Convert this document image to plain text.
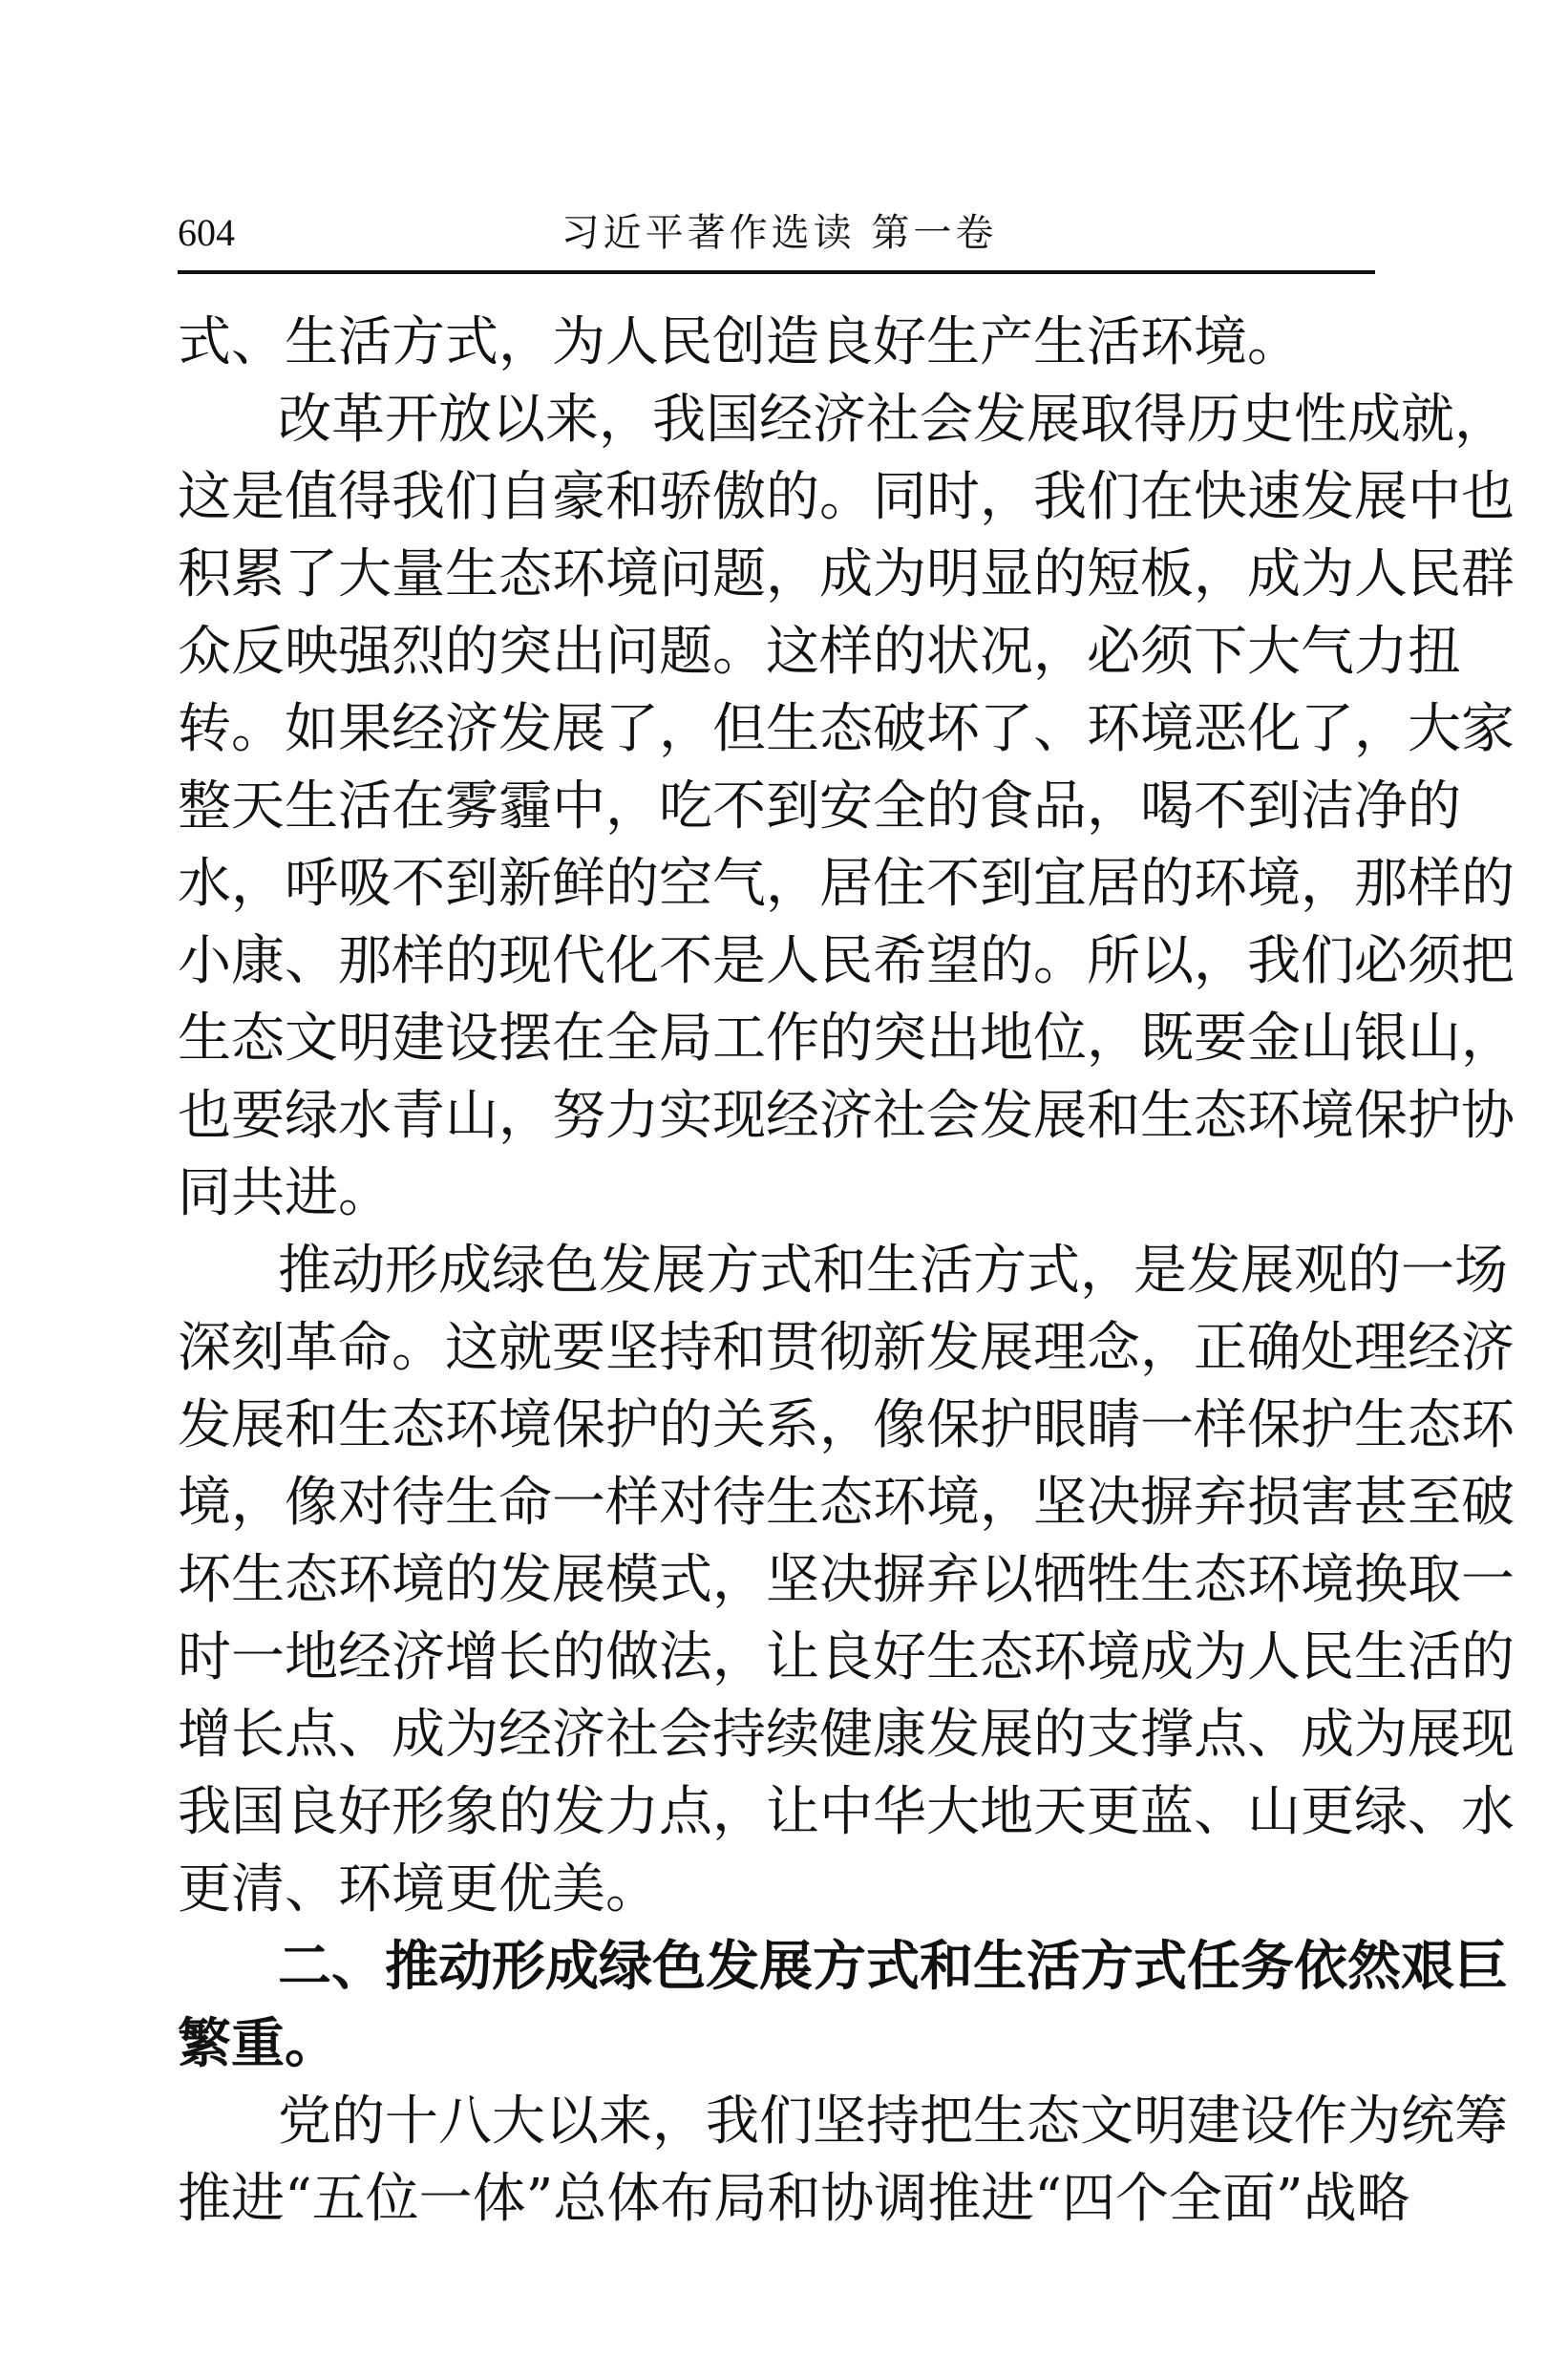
604	习近平著作选读 第一卷
式、生活方式，为人民创造良好生产生活环境。
改革开放以来，我国经济社会发展取得历史性成就，
这是值得我们自豪和骄傲的。同时，我们在快速发展中也
积累了大量生态环境问题，成为明显的短板，成为人民群
众反映强烈的突出问题。这样的状况，必须下大气力扭
转。如果经济发展了，但生态破坏了、环境恶化了，大家
整天生活在雾霾中，吃不到安全的食品，喝不到洁净的
水，呼吸不到新鲜的空气，居住不到宜居的环境，那样的
小康、那样的现代化不是人民希望的。所以，我们必须把
生态文明建设摆在全局工作的突出地位，既要金山银山，
也要绿水青山，努力实现经济社会发展和生态环境保护协
同共进。
推动形成绿色发展方式和生活方式，是发展观的一场
深刻革命。这就要坚持和贯彻新发展理念，正确处理经济
发展和生态环境保护的关系，像保护眼睛一样保护生态环
境，像对待生命一样对待生态环境，坚决摒弃损害甚至破
坏生态环境的发展模式，坚决摒弃以牺牲生态环境换取一
时一地经济增长的做法，让良好生态环境成为人民生活的
增长点、成为经济社会持续健康发展的支撑点、成为展现
我国良好形象的发力点，让中华大地天更蓝、山更绿、水
更清、环境更优美。
二、推动形成绿色发展方式和生活方式任务依然艰巨
繁重。
党的十八大以来，我们坚持把生态文明建设作为统筹
推进“五位一体”总体布局和协调推进“四个全面”战略
